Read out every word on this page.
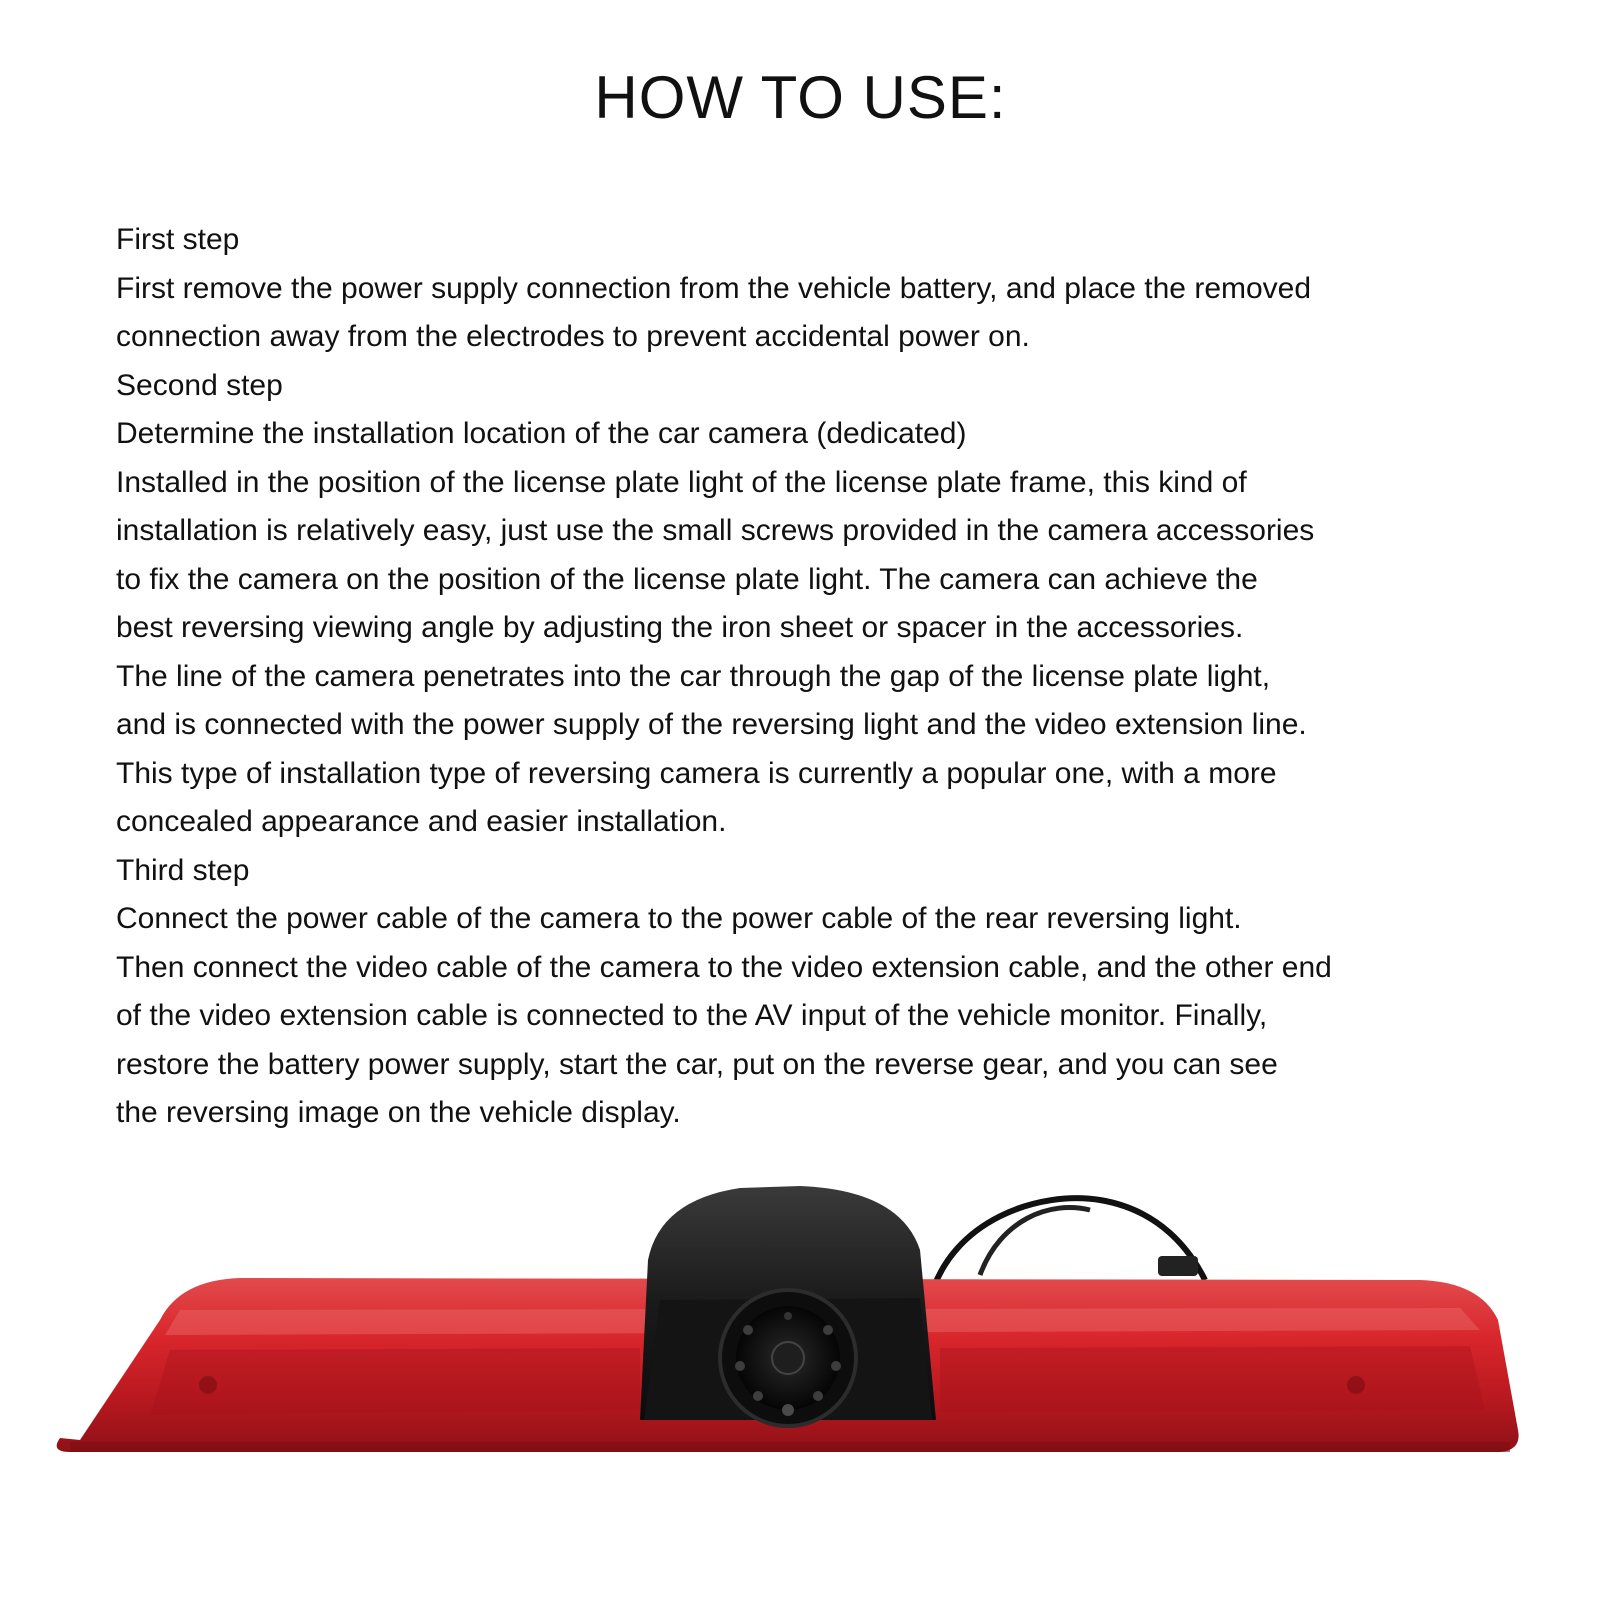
HOW TO USE:
First step
First remove the power supply connection from the vehicle battery, and place the removed
connection away from the electrodes to prevent accidental power on.
Second step
Determine the installation location of the car camera (dedicated)
Installed in the position of the license plate light of the license plate frame, this kind of
installation is relatively easy, just use the small screws provided in the camera accessories
to fix the camera on the position of the license plate light. The camera can achieve the
best reversing viewing angle by adjusting the iron sheet or spacer in the accessories.
The line of the camera penetrates into the car through the gap of the license plate light,
and is connected with the power supply of the reversing light and the video extension line.
This type of installation type of reversing camera is currently a popular one, with a more
concealed appearance and easier installation.
Third step
Connect the power cable of the camera to the power cable of the rear reversing light.
Then connect the video cable of the camera to the video extension cable, and the other end
of the video extension cable is connected to the AV input of the vehicle monitor. Finally,
restore the battery power supply, start the car, put on the reverse gear, and you can see
the reversing image on the vehicle display.
